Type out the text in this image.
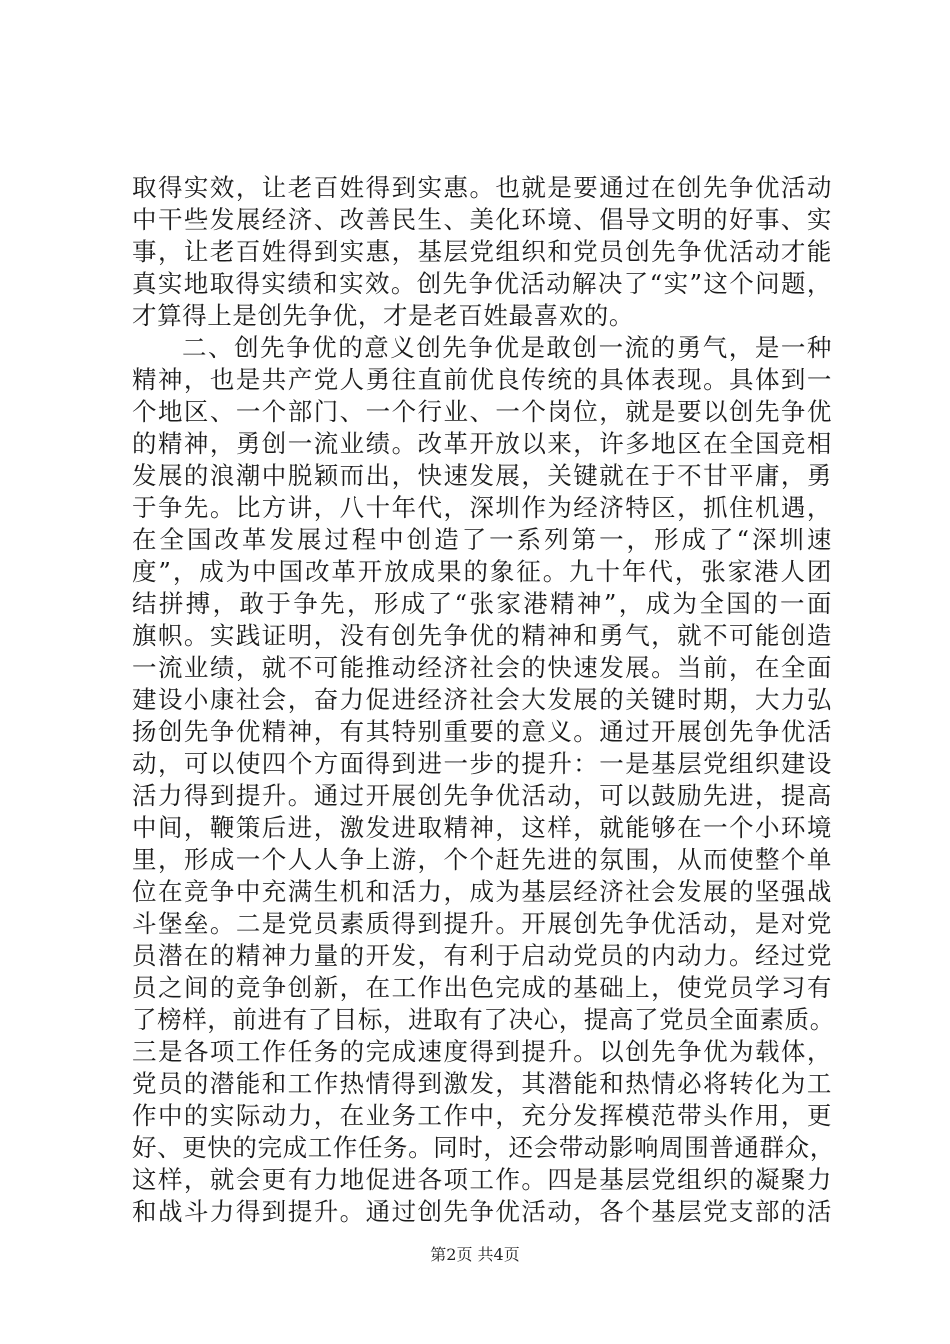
取得实效，让老百姓得到实惠。也就是要通过在创先争优活动
中干些发展经济、改善民生、美化环境、倡导文明的好事、实
事，让老百姓得到实惠，基层党组织和党员创先争优活动才能
真实地取得实绩和实效。创先争优活动解决了“实”这个问题，
才算得上是创先争优，才是老百姓最喜欢的。
二、创先争优的意义创先争优是敢创一流的勇气，是一种
精神，也是共产党人勇往直前优良传统的具体表现。具体到一
个地区、一个部门、一个行业、一个岗位，就是要以创先争优
的精神，勇创一流业绩。改革开放以来，许多地区在全国竞相
发展的浪潮中脱颖而出，快速发展，关键就在于不甘平庸，勇
于争先。比方讲，八十年代，深圳作为经济特区，抓住机遇，
在全国改革发展过程中创造了一系列第一，形成了“深圳速
度”，成为中国改革开放成果的象征。九十年代，张家港人团
结拼搏，敢于争先，形成了“张家港精神”，成为全国的一面
旗帜。实践证明，没有创先争优的精神和勇气，就不可能创造
一流业绩，就不可能推动经济社会的快速发展。当前，在全面
建设小康社会，奋力促进经济社会大发展的关键时期，大力弘
扬创先争优精神，有其特别重要的意义。通过开展创先争优活
动，可以使四个方面得到进一步的提升：一是基层党组织建设
活力得到提升。通过开展创先争优活动，可以鼓励先进，提高
中间，鞭策后进，激发进取精神，这样，就能够在一个小环境
里，形成一个人人争上游，个个赶先进的氛围，从而使整个单
位在竞争中充满生机和活力，成为基层经济社会发展的坚强战
斗堡垒。二是党员素质得到提升。开展创先争优活动，是对党
员潜在的精神力量的开发，有利于启动党员的内动力。经过党
员之间的竞争创新，在工作出色完成的基础上，使党员学习有
了榜样，前进有了目标，进取有了决心，提高了党员全面素质。
三是各项工作任务的完成速度得到提升。以创先争优为载体，
党员的潜能和工作热情得到激发，其潜能和热情必将转化为工
作中的实际动力，在业务工作中，充分发挥模范带头作用，更
好、更快的完成工作任务。同时，还会带动影响周围普通群众，
这样，就会更有力地促进各项工作。四是基层党组织的凝聚力
和战斗力得到提升。通过创先争优活动，各个基层党支部的活
第2页 共4页
